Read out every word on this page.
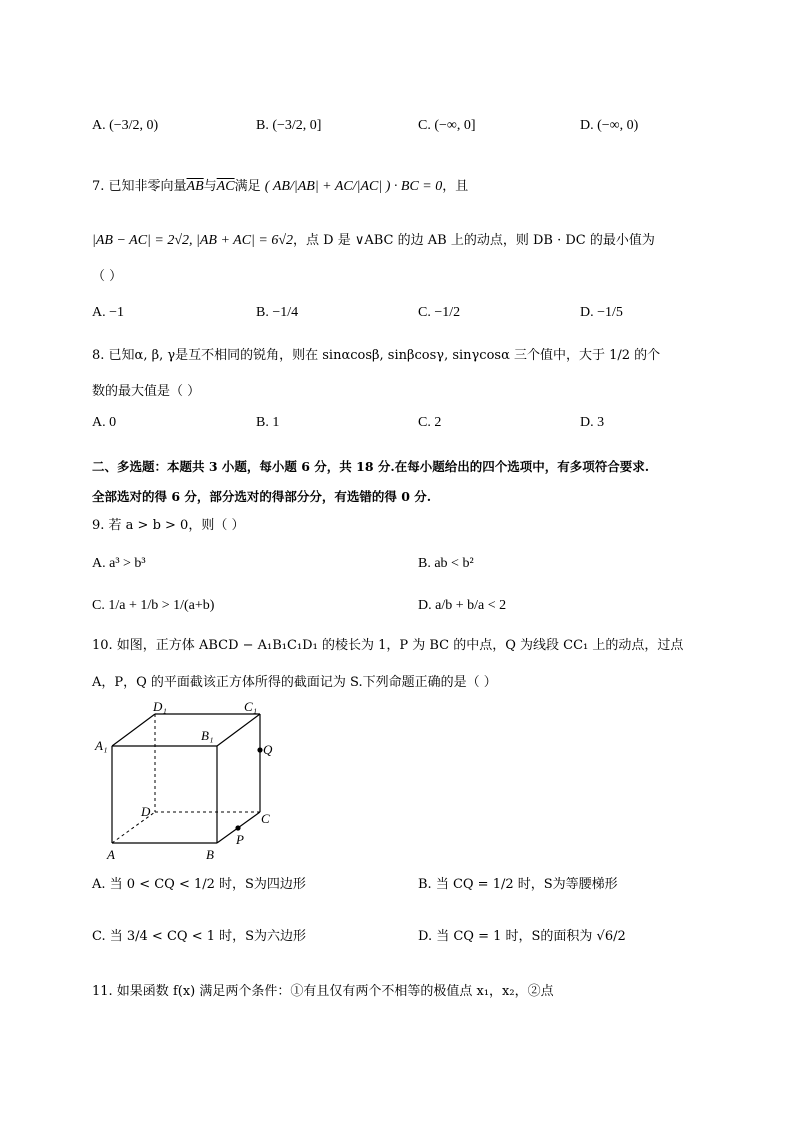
A. (−3/2, 0)	B. (−3/2, 0]	C. (−∞, 0]	D. (−∞, 0)
7. 已知非零向量$\overline{AB}$与$\overline{AC}$满足 ( AB/|AB| + AC/|AC| ) · BC = 0，且
|AB − AC| = 2√2, |AB + AC| = 6√2，点 D 是 ∨ABC 的边 AB 上的动点，则 DB · DC 的最小值为
（ ）
A. −1	B. −1/4	C. −1/2	D. −1/5
8. 已知α, β, γ是互不相同的锐角，则在 sinαcosβ, sinβcosγ, sinγcosα 三个值中，大于 1/2 的个
数的最大值是（ ）
A. 0	B. 1	C. 2	D. 3
二、多选题：本题共 3 小题，每小题 6 分，共 18 分.在每小题给出的四个选项中，有多项符合要求.
全部选对的得 6 分，部分选对的得部分分，有选错的得 0 分.
9. 若 a > b > 0，则（ ）
A. a³ > b³	B. ab < b²
C. 1/a + 1/b > 1/(a+b)	D. a/b + b/a < 2
10. 如图，正方体 ABCD − A₁B₁C₁D₁ 的棱长为 1，P 为 BC 的中点，Q 为线段 CC₁ 上的动点，过点
A，P，Q 的平面截该正方体所得的截面记为 S.下列命题正确的是（ ）
D₁	C₁
A₁
B₁
Q
D	C
P
A	B
A. 当 0 < CQ < 1/2 时，S为四边形	B. 当 CQ = 1/2 时，S为等腰梯形
C. 当 3/4 < CQ < 1 时，S为六边形	D. 当 CQ = 1 时，S的面积为 √6/2
11. 如果函数 f(x) 满足两个条件：①有且仅有两个不相等的极值点 x₁，x₂，②点
